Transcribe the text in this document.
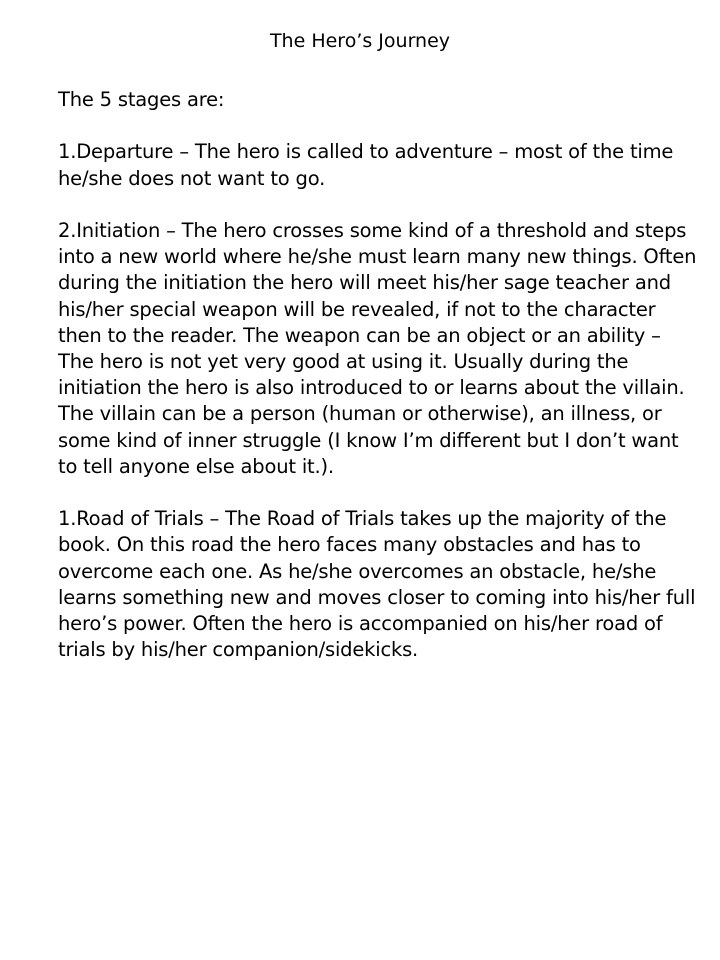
The Hero’s Journey

The 5 stages are:

1.Departure – The hero is called to adventure – most of the time he/she does not want to go.

2.Initiation – The hero crosses some kind of a threshold and steps into a new world where he/she must learn many new things. Often during the initiation the hero will meet his/her sage teacher and his/her special weapon will be revealed, if not to the character then to the reader. The weapon can be an object or an ability – The hero is not yet very good at using it. Usually during the initiation the hero is also introduced to or learns about the villain. The villain can be a person (human or otherwise), an illness, or some kind of inner struggle (I know I’m different but I don’t want to tell anyone else about it.).

1.Road of Trials – The Road of Trials takes up the majority of the book. On this road the hero faces many obstacles and has to overcome each one. As he/she overcomes an obstacle, he/she learns something new and moves closer to coming into his/her full hero’s power. Often the hero is accompanied on his/her road of trials by his/her companion/sidekicks.
